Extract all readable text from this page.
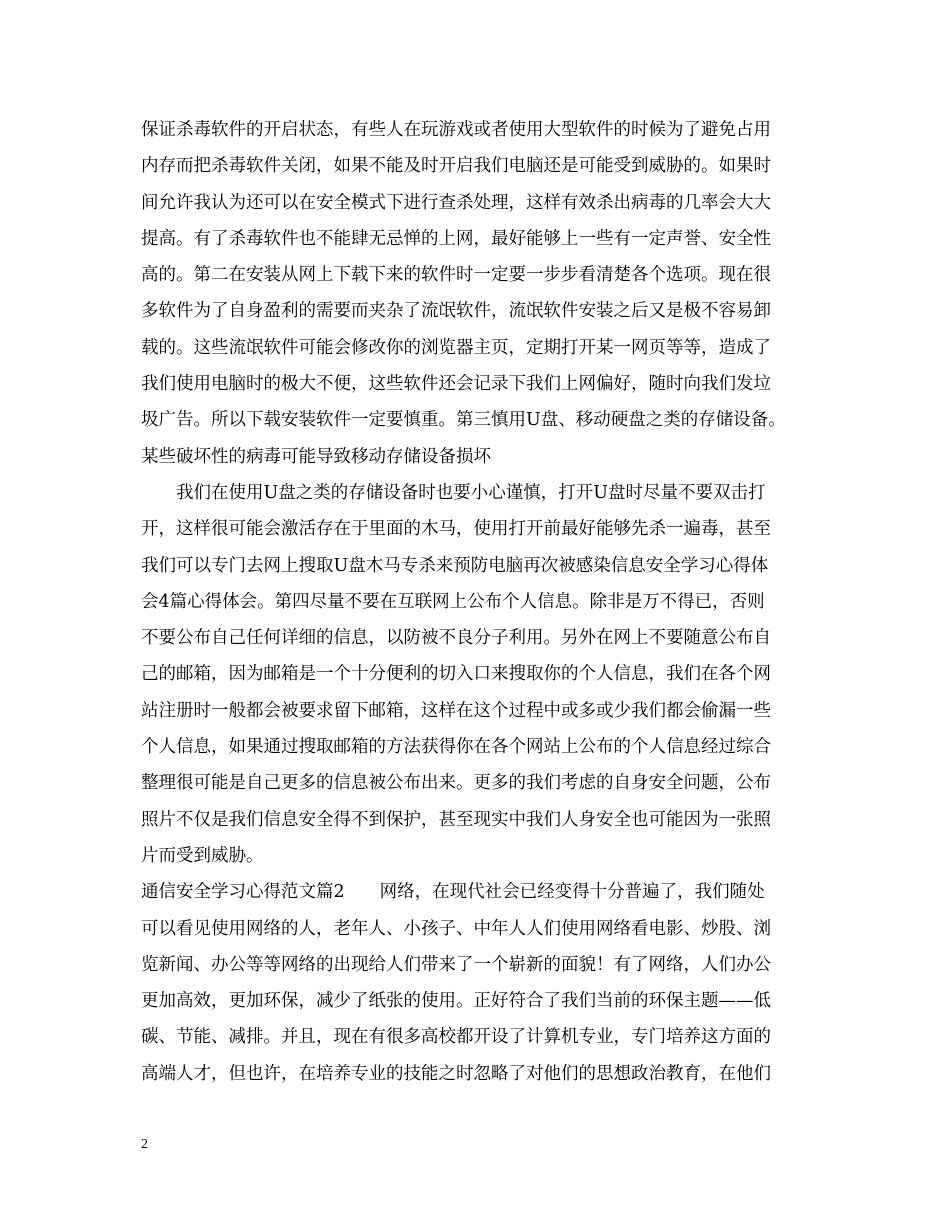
保证杀毒软件的开启状态，有些人在玩游戏或者使用大型软件的时候为了避免占用
内存而把杀毒软件关闭，如果不能及时开启我们电脑还是可能受到威胁的。如果时
间允许我认为还可以在安全模式下进行查杀处理，这样有效杀出病毒的几率会大大
提高。有了杀毒软件也不能肆无忌惮的上网，最好能够上一些有一定声誉、安全性
高的。第二在安装从网上下载下来的软件时一定要一步步看清楚各个选项。现在很
多软件为了自身盈利的需要而夹杂了流氓软件，流氓软件安装之后又是极不容易卸
载的。这些流氓软件可能会修改你的浏览器主页，定期打开某一网页等等，造成了
我们使用电脑时的极大不便，这些软件还会记录下我们上网偏好，随时向我们发垃
圾广告。所以下载安装软件一定要慎重。第三慎用U盘、移动硬盘之类的存储设备。
某些破坏性的病毒可能导致移动存储设备损坏
　　我们在使用U盘之类的存储设备时也要小心谨慎，打开U盘时尽量不要双击打
开，这样很可能会激活存在于里面的木马，使用打开前最好能够先杀一遍毒，甚至
我们可以专门去网上搜取U盘木马专杀来预防电脑再次被感染信息安全学习心得体
会4篇心得体会。第四尽量不要在互联网上公布个人信息。除非是万不得已，否则
不要公布自己任何详细的信息，以防被不良分子利用。另外在网上不要随意公布自
己的邮箱，因为邮箱是一个十分便利的切入口来搜取你的个人信息，我们在各个网
站注册时一般都会被要求留下邮箱，这样在这个过程中或多或少我们都会偷漏一些
个人信息，如果通过搜取邮箱的方法获得你在各个网站上公布的个人信息经过综合
整理很可能是自己更多的信息被公布出来。更多的我们考虑的自身安全问题，公布
照片不仅是我们信息安全得不到保护，甚至现实中我们人身安全也可能因为一张照
片而受到威胁。
通信安全学习心得范文篇2　　网络，在现代社会已经变得十分普遍了，我们随处
可以看见使用网络的人，老年人、小孩子、中年人人们使用网络看电影、炒股、浏
览新闻、办公等等网络的出现给人们带来了一个崭新的面貌！有了网络，人们办公
更加高效，更加环保，减少了纸张的使用。正好符合了我们当前的环保主题——低
碳、节能、减排。并且，现在有很多高校都开设了计算机专业，专门培养这方面的
高端人才，但也许，在培养专业的技能之时忽略了对他们的思想政治教育，在他们
2
